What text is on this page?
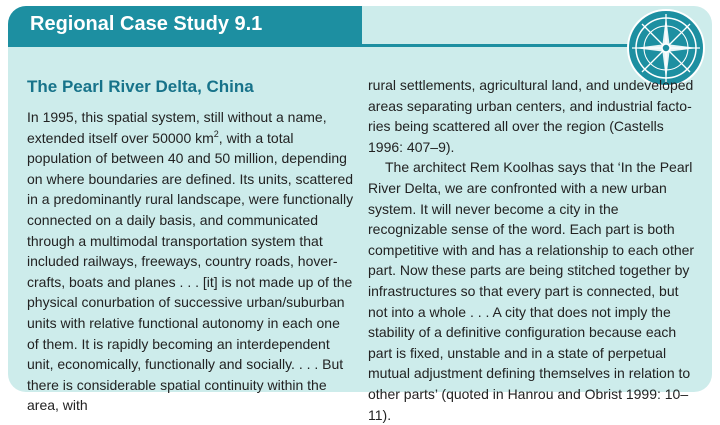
Regional Case Study 9.1
The Pearl River Delta, China

In 1995, this spatial system, still without a name, extended itself over 50000 $km^2$, with a total population of between 40 and 50 million, depending on where boundaries are defined. Its units, scattered in a predominantly rural landscape, were functionally connected on a daily basis, and communicated through a multimodal transportation system that included railways, freeways, country roads, hovercrafts, boats and planes . . . [it] is not made up of the physical conurbation of successive urban/suburban units with relative functional autonomy in each one of them. It is rapidly becoming an interdependent unit, economically, functionally and socially. . . . But there is considerable spatial continuity within the area, with

rural settlements, agricultural land, and undeveloped areas separating urban centers, and industrial factories being scattered all over the region (Castells 1996: 407–9).

The architect Rem Koolhas says that ‘In the Pearl River Delta, we are confronted with a new urban system. It will never become a city in the recognizable sense of the word. Each part is both competitive with and has a relationship to each other part. Now these parts are being stitched together by infrastructures so that every part is connected, but not into a whole . . . A city that does not imply the stability of a definitive configuration because each part is fixed, unstable and in a state of perpetual mutual adjustment defining themselves in relation to other parts’ (quoted in Hanrou and Obrist 1999: 10–11).
